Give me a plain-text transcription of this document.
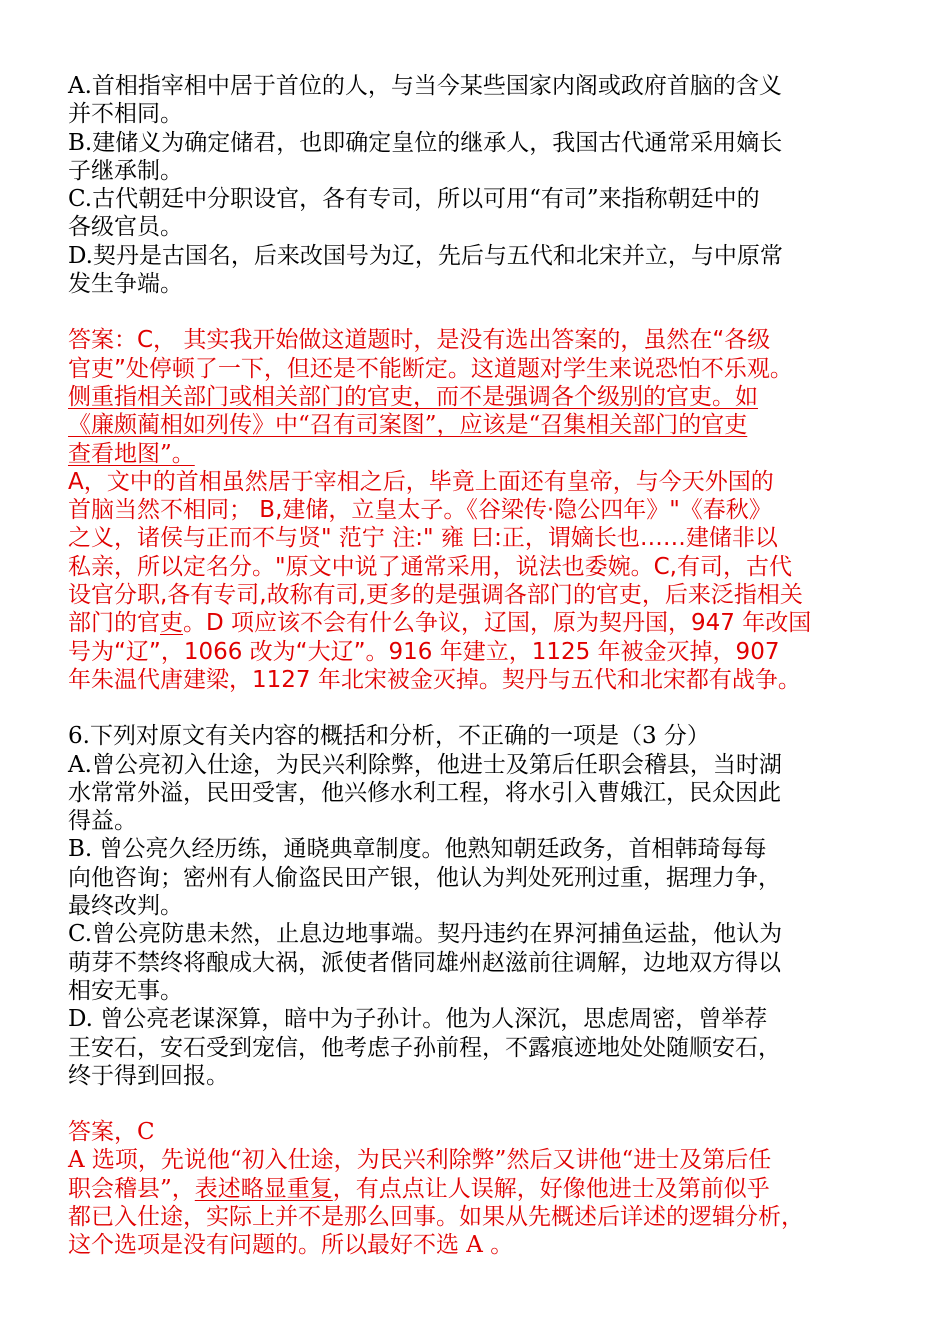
A.首相指宰相中居于首位的人，与当今某些国家内阁或政府首脑的含义
并不相同。
B.建储义为确定储君，也即确定皇位的继承人，我国古代通常采用嫡长
子继承制。
C.古代朝廷中分职设官，各有专司，所以可用“有司”来指称朝廷中的
各级官员。
D.契丹是古国名，后来改国号为辽，先后与五代和北宋并立，与中原常
发生争端。
答案：C， 其实我开始做这道题时，是没有选出答案的，虽然在“各级
官吏”处停顿了一下，但还是不能断定。这道题对学生来说恐怕不乐观。
侧重指相关部门或相关部门的官吏，而不是强调各个级别的官吏。如
《廉颇蔺相如列传》中“召有司案图”，应该是“召集相关部门的官吏
查看地图”。
A，文中的首相虽然居于宰相之后，毕竟上面还有皇帝，与今天外国的
首脑当然不相同； B,建储，立皇太子。《谷梁传·隐公四年》"《春秋》
之义，诸侯与正而不与贤" 范宁 注:" 雍 曰:正，谓嫡长也……建储非以
私亲，所以定名分。"原文中说了通常采用，说法也委婉。C,有司，古代
设官分职,各有专司,故称有司,更多的是强调各部门的官吏，后来泛指相关
部门的官吏。D 项应该不会有什么争议，辽国，原为契丹国，947 年改国
号为“辽”，1066 改为“大辽”。916 年建立，1125 年被金灭掉，907
年朱温代唐建梁，1127 年北宋被金灭掉。契丹与五代和北宋都有战争。
6.下列对原文有关内容的概括和分析，不正确的一项是（3 分）
A.曾公亮初入仕途，为民兴利除弊，他进士及第后任职会稽县，当时湖
水常常外溢，民田受害，他兴修水利工程，将水引入曹娥江，民众因此
得益。
B. 曾公亮久经历练，通晓典章制度。他熟知朝廷政务，首相韩琦每每
向他咨询；密州有人偷盗民田产银，他认为判处死刑过重，据理力争，
最终改判。
C.曾公亮防患未然，止息边地事端。契丹违约在界河捕鱼运盐，他认为
萌芽不禁终将酿成大祸，派使者偕同雄州赵滋前往调解，边地双方得以
相安无事。
D. 曾公亮老谋深算，暗中为子孙计。他为人深沉，思虑周密，曾举荐
王安石，安石受到宠信，他考虑子孙前程，不露痕迹地处处随顺安石，
终于得到回报。
答案，C
A 选项，先说他“初入仕途，为民兴利除弊”然后又讲他“进士及第后任
职会稽县”，表述略显重复，有点点让人误解，好像他进士及第前似乎
都已入仕途，实际上并不是那么回事。如果从先概述后详述的逻辑分析，
这个选项是没有问题的。所以最好不选 A 。
